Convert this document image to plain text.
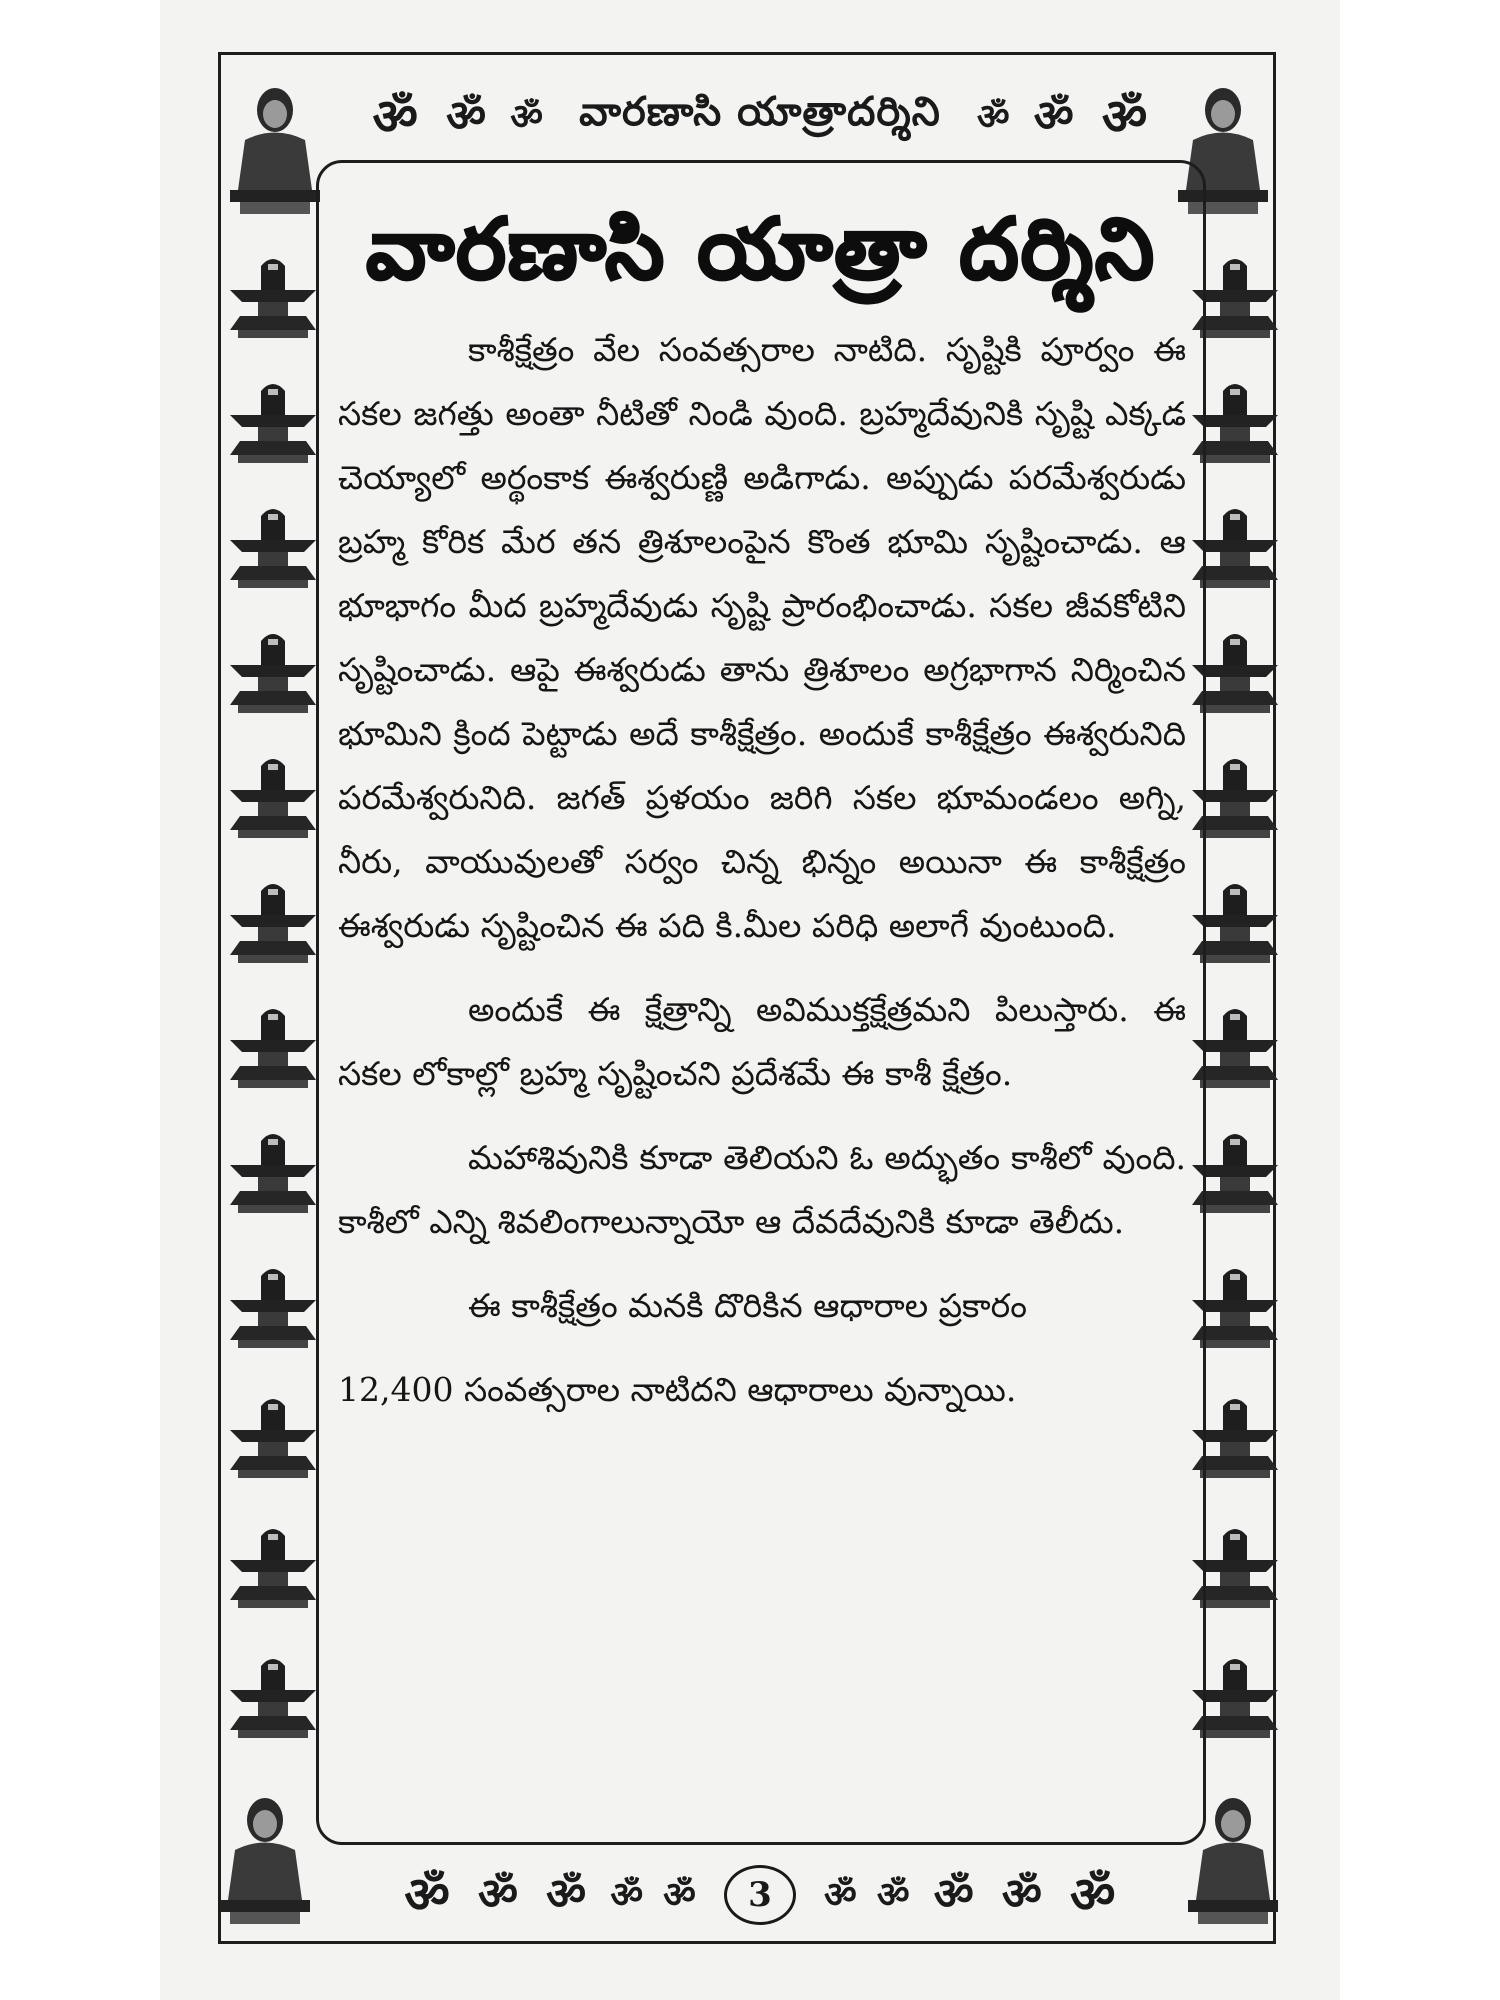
ॐ ॐ ॐ వారణాసి యాత్రాదర్శిని ॐ ॐ ॐ
వారణాసి యాత్రా దర్శిని

కాశీక్షేత్రం వేల సంవత్సరాల నాటిది. సృష్టికి పూర్వం ఈ సకల జగత్తు అంతా నీటితో నిండి వుంది. బ్రహ్మదేవునికి సృష్టి ఎక్కడ చెయ్యాలో అర్థంకాక ఈశ్వరుణ్ణి అడిగాడు. అప్పుడు పరమేశ్వరుడు బ్రహ్మ కోరిక మేర తన త్రిశూలంపైన కొంత భూమి సృష్టించాడు. ఆ భూభాగం మీద బ్రహ్మదేవుడు సృష్టి ప్రారంభించాడు. సకల జీవకోటిని సృష్టించాడు. ఆపై ఈశ్వరుడు తాను త్రిశూలం అగ్రభాగాన నిర్మించిన భూమిని క్రింద పెట్టాడు అదే కాశీక్షేత్రం. అందుకే కాశీక్షేత్రం ఈశ్వరునిది పరమేశ్వరునిది. జగత్ ప్రళయం జరిగి సకల భూమండలం అగ్ని, నీరు, వాయువులతో సర్వం చిన్న భిన్నం అయినా ఈ కాశీక్షేత్రం ఈశ్వరుడు సృష్టించిన ఈ పది కి.మీల పరిధి అలాగే వుంటుంది.

అందుకే ఈ క్షేత్రాన్ని అవిముక్తక్షేత్రమని పిలుస్తారు. ఈ సకల లోకాల్లో బ్రహ్మ సృష్టించని ప్రదేశమే ఈ కాశీ క్షేత్రం.

మహాశివునికి కూడా తెలియని ఓ అద్భుతం కాశీలో వుంది. కాశీలో ఎన్ని శివలింగాలున్నాయో ఆ దేవదేవునికి కూడా తెలీదు.

ఈ కాశీక్షేత్రం మనకి దొరికిన ఆధారాల ప్రకారం

12,400 సంవత్సరాల నాటిదని ఆధారాలు వున్నాయి.

ॐ ॐ ॐ ॐ ॐ	3	ॐ ॐ ॐ ॐ ॐ
